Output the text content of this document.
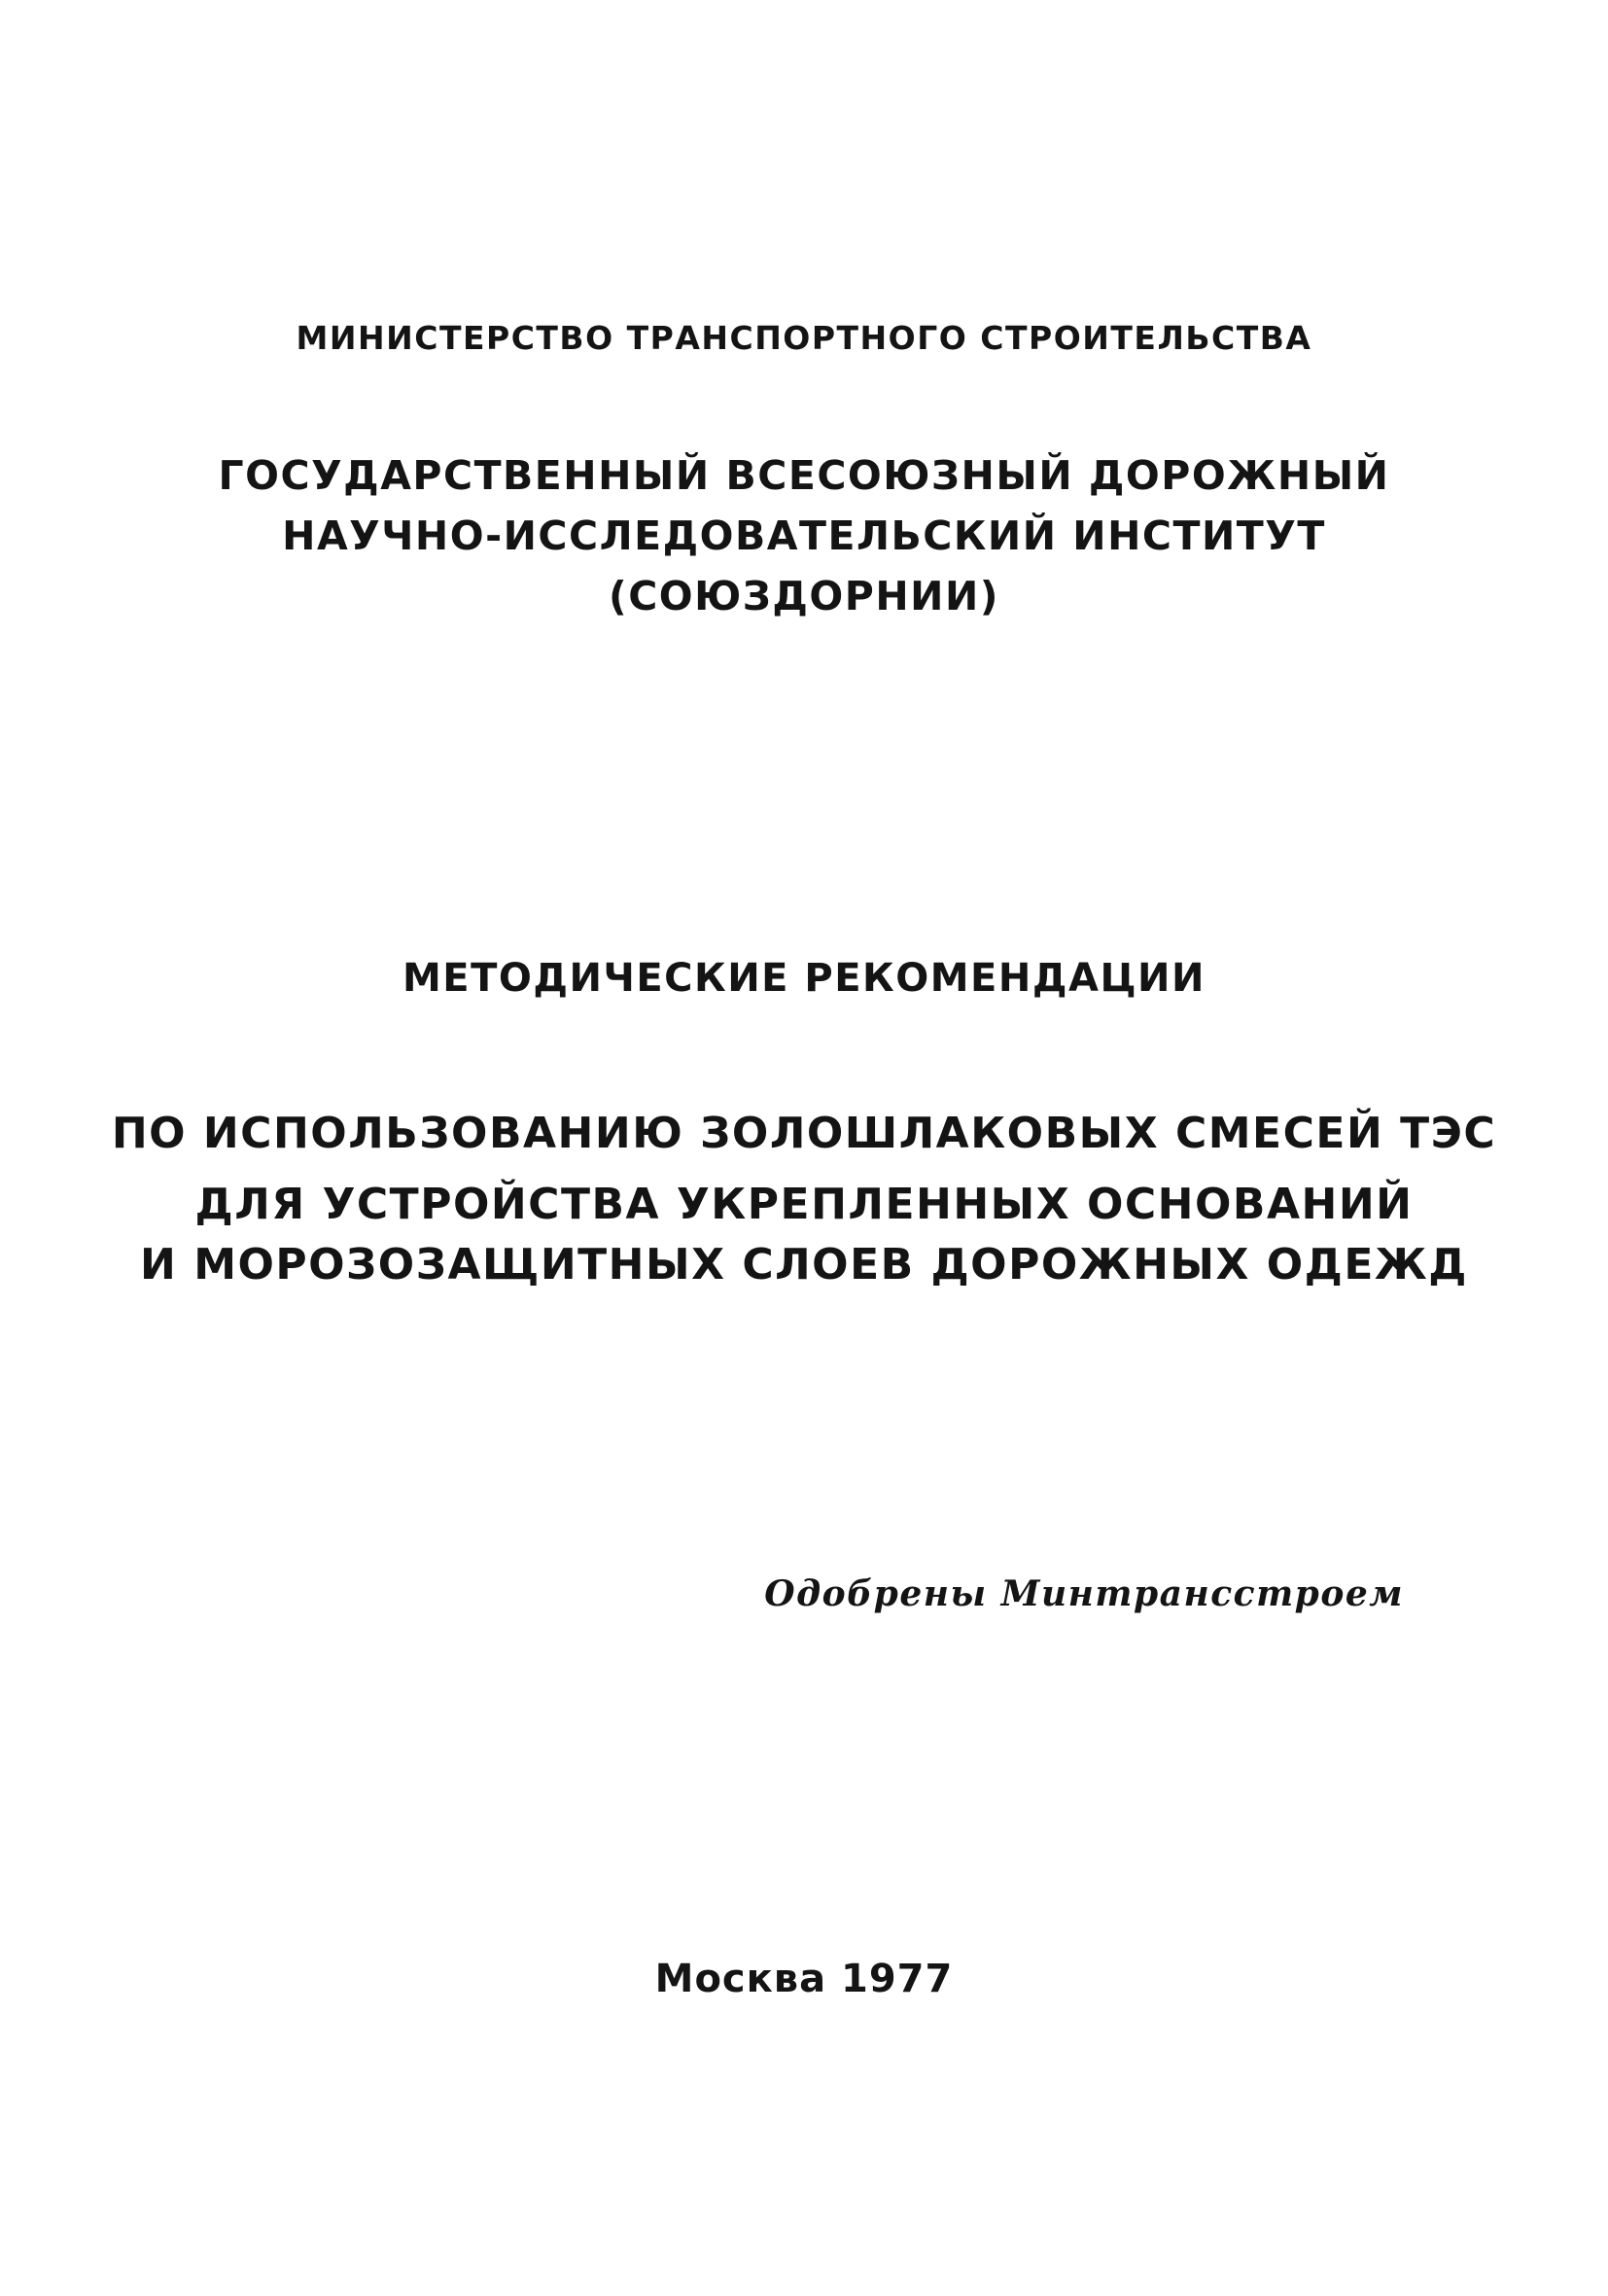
МИНИСТЕРСТВО ТРАНСПОРТНОГО СТРОИТЕЛЬСТВА
ГОСУДАРСТВЕННЫЙ ВСЕСОЮЗНЫЙ ДОРОЖНЫЙ
НАУЧНО-ИССЛЕДОВАТЕЛЬСКИЙ ИНСТИТУТ
(СОЮЗДОРНИИ)
МЕТОДИЧЕСКИЕ РЕКОМЕНДАЦИИ
ПО ИСПОЛЬЗОВАНИЮ ЗОЛОШЛАКОВЫХ СМЕСЕЙ ТЭС
ДЛЯ УСТРОЙСТВА УКРЕПЛЕННЫХ ОСНОВАНИЙ
И МОРОЗОЗАЩИТНЫХ СЛОЕВ ДОРОЖНЫХ ОДЕЖД
Одобрены Минтрансстроем
Москва 1977
